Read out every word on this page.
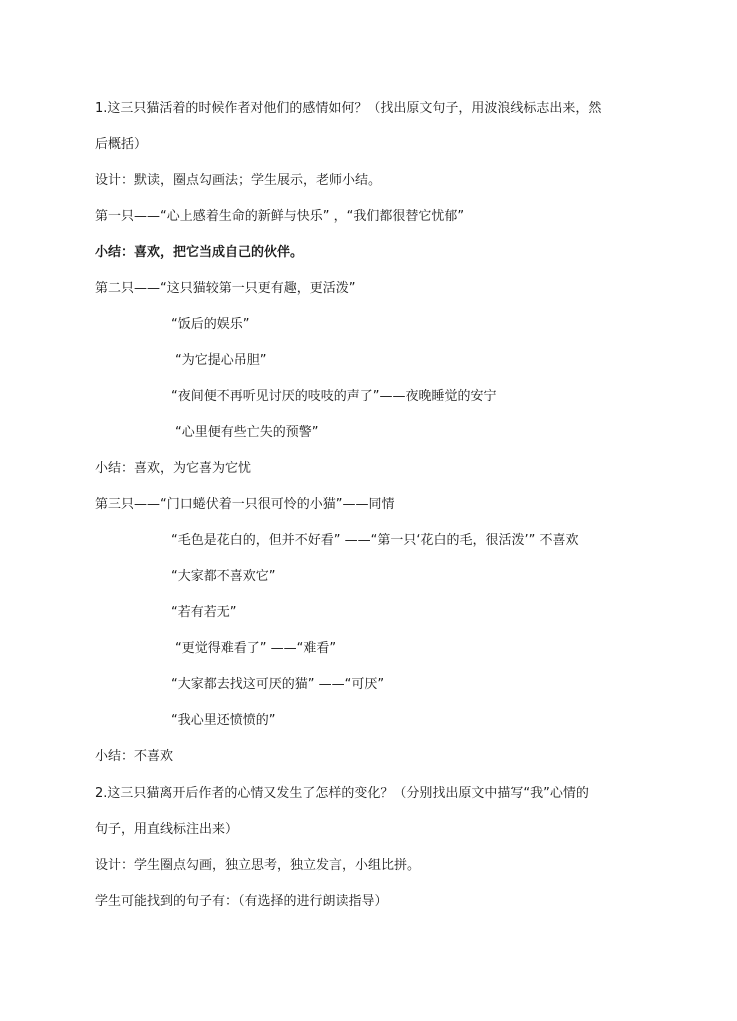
1.这三只猫活着的时候作者对他们的感情如何？（找出原文句子，用波浪线标志出来，然
后概括）
设计：默读，圈点勾画法；学生展示，老师小结。
第一只——“心上感着生命的新鲜与快乐” ，“我们都很替它忧郁”
小结：喜欢，把它当成自己的伙伴。
第二只——“这只猫较第一只更有趣，更活泼”
“饭后的娱乐”
“为它提心吊胆”
“夜间便不再听见讨厌的吱吱的声了”——夜晚睡觉的安宁
“心里便有些亡失的预警”
小结：喜欢，为它喜为它忧
第三只——“门口蜷伏着一只很可怜的小猫”——同情
“毛色是花白的，但并不好看” ——“第一只‘花白的毛，很活泼’” 不喜欢
“大家都不喜欢它”
“若有若无”
“更觉得难看了” ——“难看”
“大家都去找这可厌的猫” ——“可厌”
“我心里还愤愤的”
小结：不喜欢
2.这三只猫离开后作者的心情又发生了怎样的变化？（分别找出原文中描写“我”心情的
句子，用直线标注出来）
设计：学生圈点勾画，独立思考，独立发言，小组比拼。
学生可能找到的句子有：（有选择的进行朗读指导）
